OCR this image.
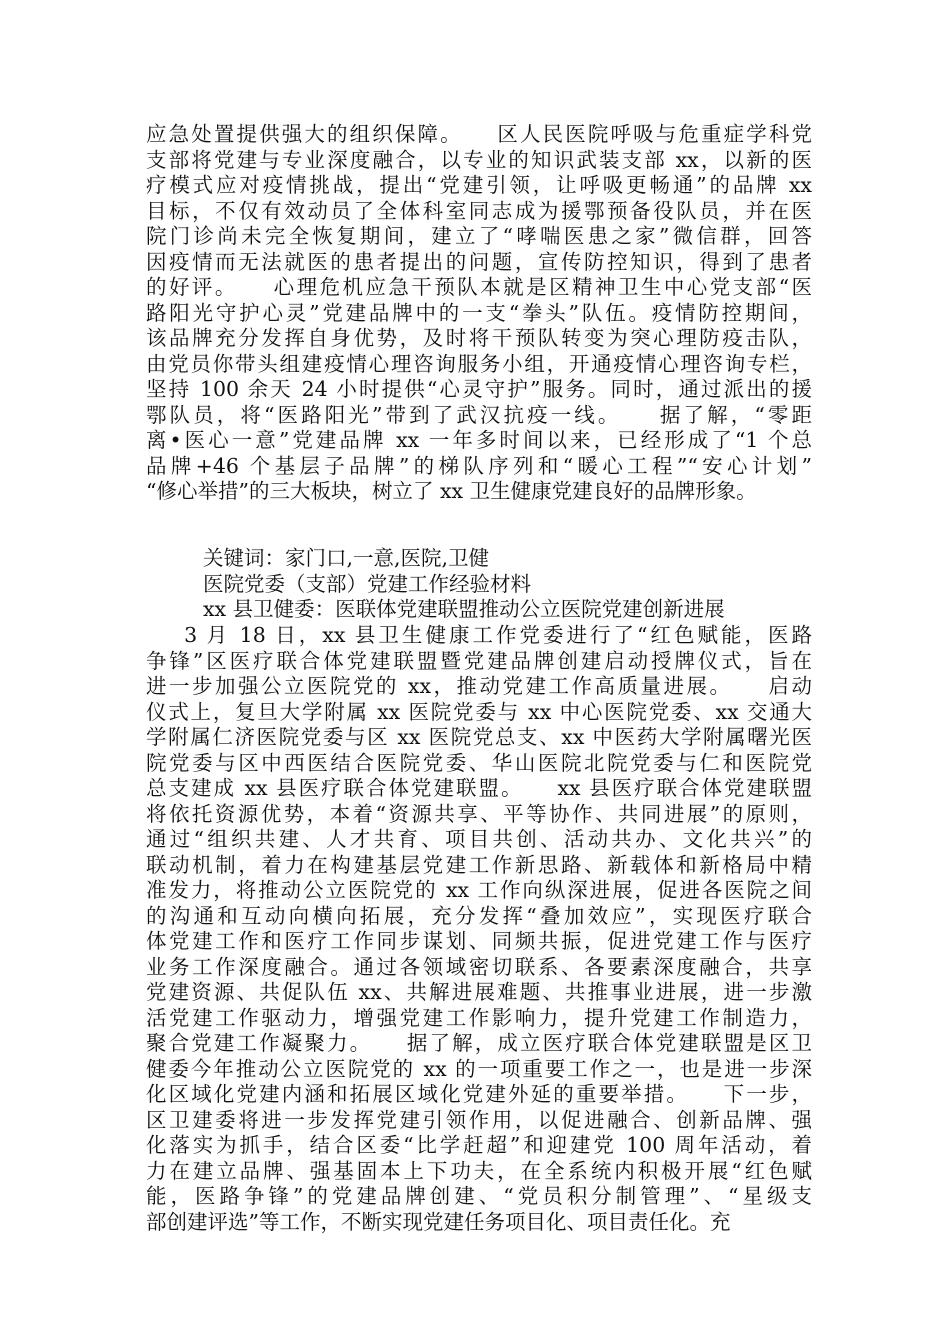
应急处置提供强大的组织保障。    区人民医院呼吸与危重症学科党
支部将党建与专业深度融合，以专业的知识武装支部 xx，以新的医
疗模式应对疫情挑战，提出“党建引领，让呼吸更畅通”的品牌 xx
目标，不仅有效动员了全体科室同志成为援鄂预备役队员，并在医
院门诊尚未完全恢复期间，建立了“哮喘医患之家”微信群，回答
因疫情而无法就医的患者提出的问题，宣传防控知识，得到了患者
的好评。    心理危机应急干预队本就是区精神卫生中心党支部“医
路阳光守护心灵”党建品牌中的一支“拳头”队伍。疫情防控期间，
该品牌充分发挥自身优势，及时将干预队转变为突心理防疫击队，
由党员你带头组建疫情心理咨询服务小组，开通疫情心理咨询专栏，
坚持 100 余天 24 小时提供“心灵守护”服务。同时，通过派出的援
鄂队员，将“医路阳光”带到了武汉抗疫一线。    据了解，“零距
离•医心一意”党建品牌 xx 一年多时间以来，已经形成了“1 个总
品牌+46 个基层子品牌”的梯队序列和“暖心工程”“安心计划”
“修心举措”的三大板块，树立了 xx 卫生健康党建良好的品牌形象。
关键词：家门口,一意,医院,卫健
医院党委（支部）党建工作经验材料
xx 县卫健委：医联体党建联盟推动公立医院党建创新进展
3 月 18 日，xx 县卫生健康工作党委进行了“红色赋能，医路
争锋”区医疗联合体党建联盟暨党建品牌创建启动授牌仪式，旨在
进一步加强公立医院党的 xx，推动党建工作高质量进展。    启动
仪式上，复旦大学附属 xx 医院党委与 xx 中心医院党委、xx 交通大
学附属仁济医院党委与区 xx 医院党总支、xx 中医药大学附属曙光医
院党委与区中西医结合医院党委、华山医院北院党委与仁和医院党
总支建成 xx 县医疗联合体党建联盟。    xx 县医疗联合体党建联盟
将依托资源优势，本着“资源共享、平等协作、共同进展”的原则，
通过“组织共建、人才共育、项目共创、活动共办、文化共兴”的
联动机制，着力在构建基层党建工作新思路、新载体和新格局中精
准发力，将推动公立医院党的 xx 工作向纵深进展，促进各医院之间
的沟通和互动向横向拓展，充分发挥“叠加效应”，实现医疗联合
体党建工作和医疗工作同步谋划、同频共振，促进党建工作与医疗
业务工作深度融合。通过各领域密切联系、各要素深度融合，共享
党建资源、共促队伍 xx、共解进展难题、共推事业进展，进一步激
活党建工作驱动力，增强党建工作影响力，提升党建工作制造力，
聚合党建工作凝聚力。    据了解，成立医疗联合体党建联盟是区卫
健委今年推动公立医院党的 xx 的一项重要工作之一，也是进一步深
化区域化党建内涵和拓展区域化党建外延的重要举措。    下一步，
区卫建委将进一步发挥党建引领作用，以促进融合、创新品牌、强
化落实为抓手，结合区委“比学赶超”和迎建党 100 周年活动，着
力在建立品牌、强基固本上下功夫，在全系统内积极开展“红色赋
能，医路争锋”的党建品牌创建、“党员积分制管理”、“星级支
部创建评选”等工作，不断实现党建任务项目化、项目责任化。充
